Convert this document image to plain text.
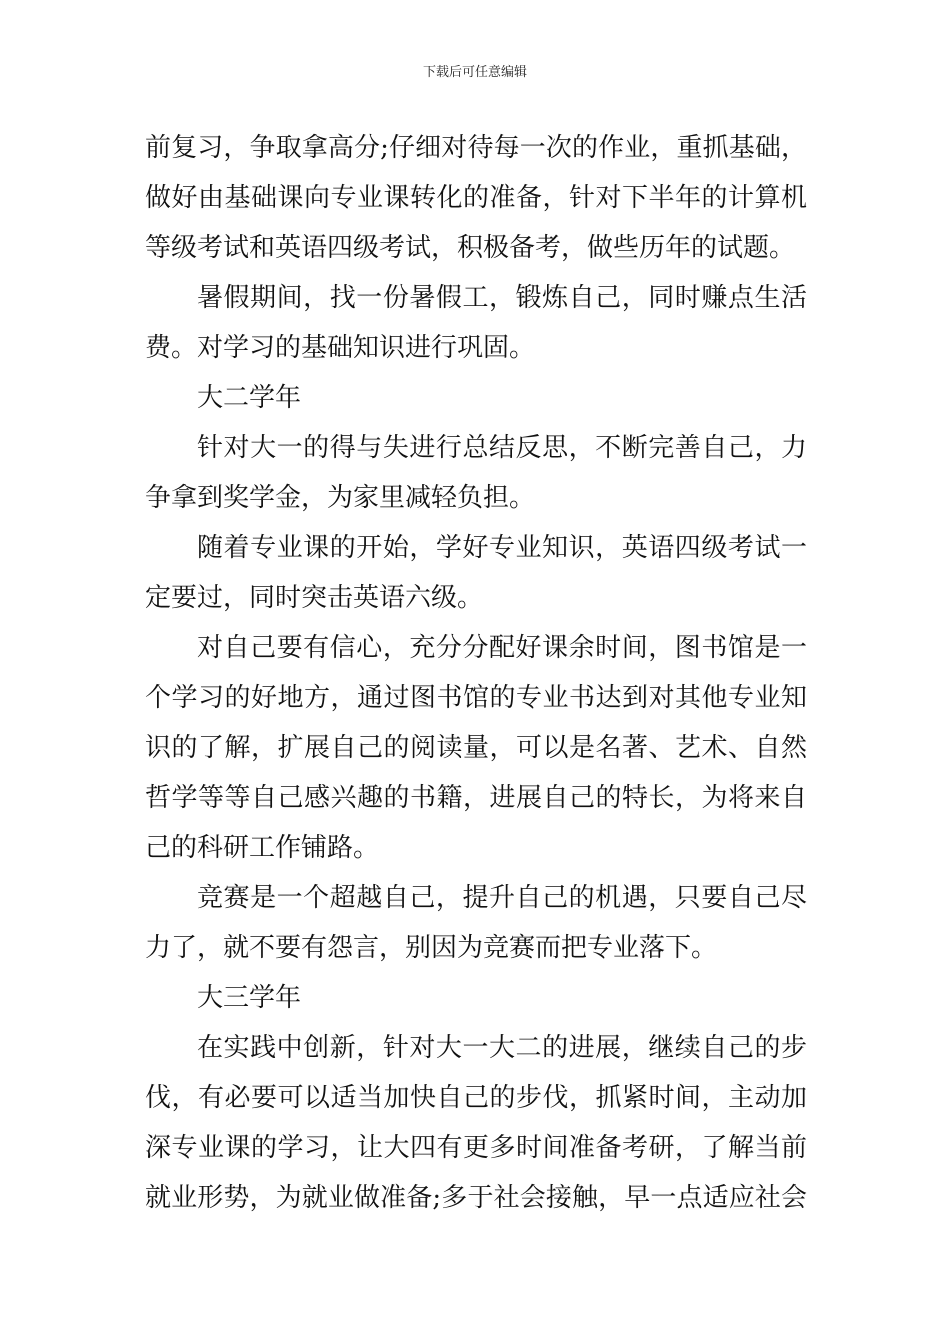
下载后可任意编辑

前复习，争取拿高分;仔细对待每一次的作业，重抓基础，

做好由基础课向专业课转化的准备，针对下半年的计算机

等级考试和英语四级考试，积极备考，做些历年的试题。

暑假期间，找一份暑假工，锻炼自己，同时赚点生活

费。对学习的基础知识进行巩固。

大二学年

针对大一的得与失进行总结反思，不断完善自己，力

争拿到奖学金，为家里减轻负担。

随着专业课的开始，学好专业知识，英语四级考试一

定要过，同时突击英语六级。

对自己要有信心，充分分配好课余时间，图书馆是一

个学习的好地方，通过图书馆的专业书达到对其他专业知

识的了解，扩展自己的阅读量，可以是名著、艺术、自然

哲学等等自己感兴趣的书籍，进展自己的特长，为将来自

己的科研工作铺路。

竞赛是一个超越自己，提升自己的机遇，只要自己尽

力了，就不要有怨言，别因为竞赛而把专业落下。

大三学年

在实践中创新，针对大一大二的进展，继续自己的步

伐，有必要可以适当加快自己的步伐，抓紧时间，主动加

深专业课的学习，让大四有更多时间准备考研，了解当前

就业形势，为就业做准备;多于社会接触，早一点适应社会
